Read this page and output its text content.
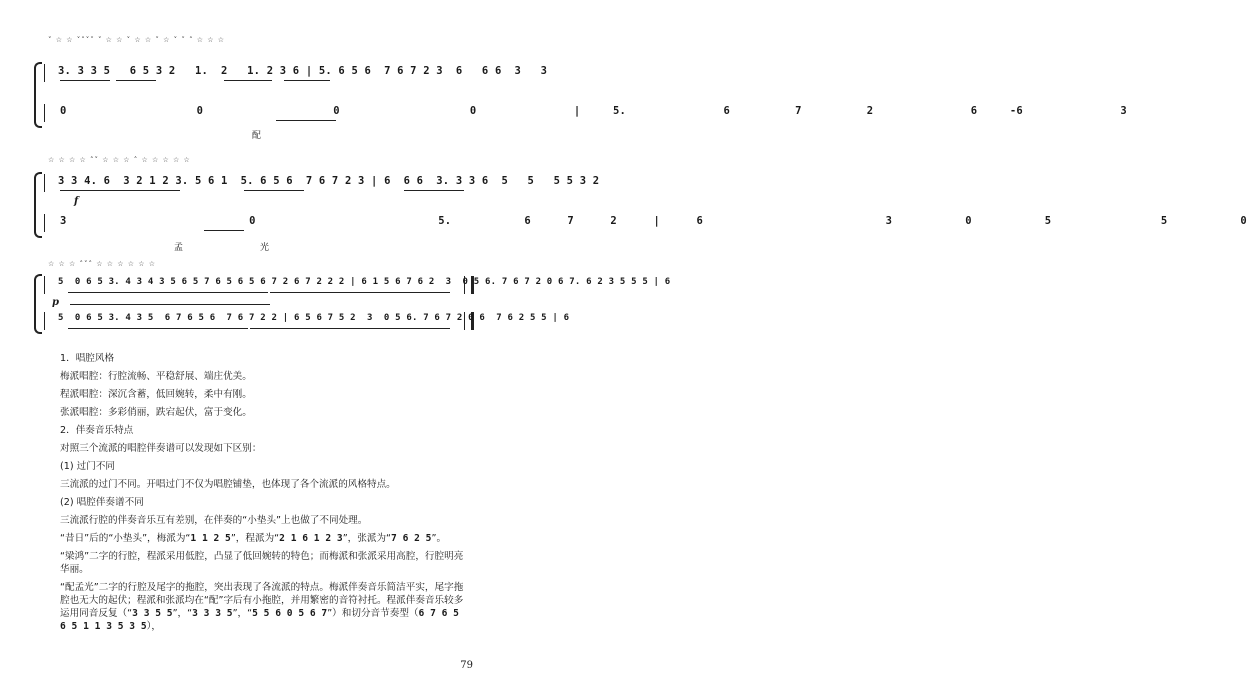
˅ ☆ ☆ ˅˄˅˅ ˅ ☆ ☆ ˅ ☆ ☆ ˅ ☆ ˅ ˅ ˄ ☆ ☆ ☆
3. 3 3 5   6 5 3 2   1.  2   1. 2 3 6 | 5. 6 5 6  7 6 7 2 3  6   6 6  3   3
0    0    0    0   | 5.   6  7  2   6 -6   3
配
☆ ☆ ☆ ☆ ˄˅ ☆ ☆ ☆ ˄ ☆ ☆ ☆ ☆ ☆
3 3 4. 6  3 2 1 2 3. 5 6 1  5. 6 5 6  7 6 7 2 3 | 6  6 6  3. 3 3 6  5   5   5 5 3 2
f
3     0     5.  6 7 2 | 6     3  0  5   5  0
孟	光
☆ ☆ ☆ ˄˅˄ ☆ ☆ ☆ ☆ ☆ ☆
5  0 6 5 3. 4 3 4 3 5 6 5 7 6 5 6 5 6 7 2 6 7 2 2 2 | 6 1 5 6 7 6 2  3  0 5 6. 7 6 7 2 0 6 7. 6 2 3 5 5 5 | 6
p
5  0 6 5 3. 4 3 5  6 7 6 5 6  7 6 7 2 2 | 6 5 6 7 5 2  3  0 5 6. 7 6 7 2 0 6  7 6 2 5 5 | 6
1．唱腔风格
梅派唱腔：行腔流畅、平稳舒展、端庄优美。
程派唱腔：深沉含蓄，低回婉转，柔中有刚。
张派唱腔：多彩俏丽，跌宕起伏，富于变化。
2．伴奏音乐特点
对照三个流派的唱腔伴奏谱可以发现如下区别：
(1) 过门不同
三流派的过门不同。开唱过门不仅为唱腔铺垫，也体现了各个流派的风格特点。
(2) 唱腔伴奏谱不同
三流派行腔的伴奏音乐互有差别，在伴奏的“小垫头”上也做了不同处理。
“昔日”后的“小垫头”，梅派为“1 1 2 5”，程派为“2 1 6 1 2 3”，张派为“7 6 2 5”。
“梁鸿”二字的行腔，程派采用低腔，凸显了低回婉转的特色；而梅派和张派采用高腔，行腔明亮华丽。
“配孟光”二字的行腔及尾字的拖腔，突出表现了各流派的特点。梅派伴奏音乐简洁平实，尾字拖腔也无大的起伏；程派和张派均在“配”字后有小拖腔，并用繁密的音符衬托。程派伴奏音乐较多运用同音反复（“3 3 5 5”，“3 3 3 5”，“5 5 6 0 5 6 7”）和切分音节奏型（6 7 6 5 6 5 1 1 3 5 3 5），
79
